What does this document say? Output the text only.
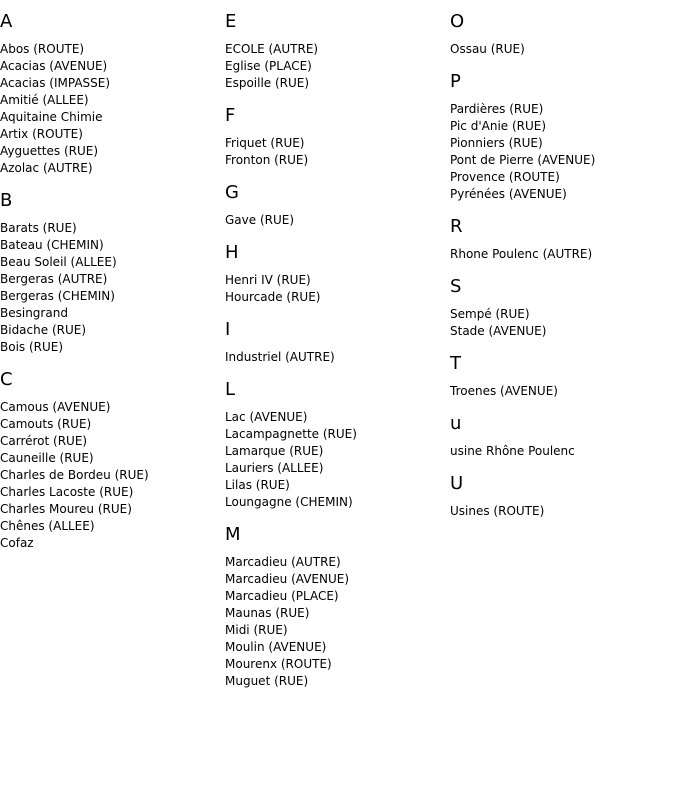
A
Abos (ROUTE)
Acacias (AVENUE)
Acacias (IMPASSE)
Amitié (ALLEE)
Aquitaine Chimie
Artix (ROUTE)
Ayguettes (RUE)
Azolac (AUTRE)
B
Barats (RUE)
Bateau (CHEMIN)
Beau Soleil (ALLEE)
Bergeras (AUTRE)
Bergeras (CHEMIN)
Besingrand
Bidache (RUE)
Bois (RUE)
C
Camous (AVENUE)
Camouts (RUE)
Carrérot (RUE)
Cauneille (RUE)
Charles de Bordeu (RUE)
Charles Lacoste (RUE)
Charles Moureu (RUE)
Chênes (ALLEE)
Cofaz
E
ECOLE (AUTRE)
Eglise (PLACE)
Espoille (RUE)
F
Friquet (RUE)
Fronton (RUE)
G
Gave (RUE)
H
Henri IV (RUE)
Hourcade (RUE)
I
Industriel (AUTRE)
L
Lac (AVENUE)
Lacampagnette (RUE)
Lamarque (RUE)
Lauriers (ALLEE)
Lilas (RUE)
Loungagne (CHEMIN)
M
Marcadieu (AUTRE)
Marcadieu (AVENUE)
Marcadieu (PLACE)
Maunas (RUE)
Midi (RUE)
Moulin (AVENUE)
Mourenx (ROUTE)
Muguet (RUE)
O
Ossau (RUE)
P
Pardières (RUE)
Pic d'Anie (RUE)
Pionniers (RUE)
Pont de Pierre (AVENUE)
Provence (ROUTE)
Pyrénées (AVENUE)
R
Rhone Poulenc (AUTRE)
S
Sempé (RUE)
Stade (AVENUE)
T
Troenes (AVENUE)
u
usine Rhône Poulenc
U
Usines (ROUTE)
